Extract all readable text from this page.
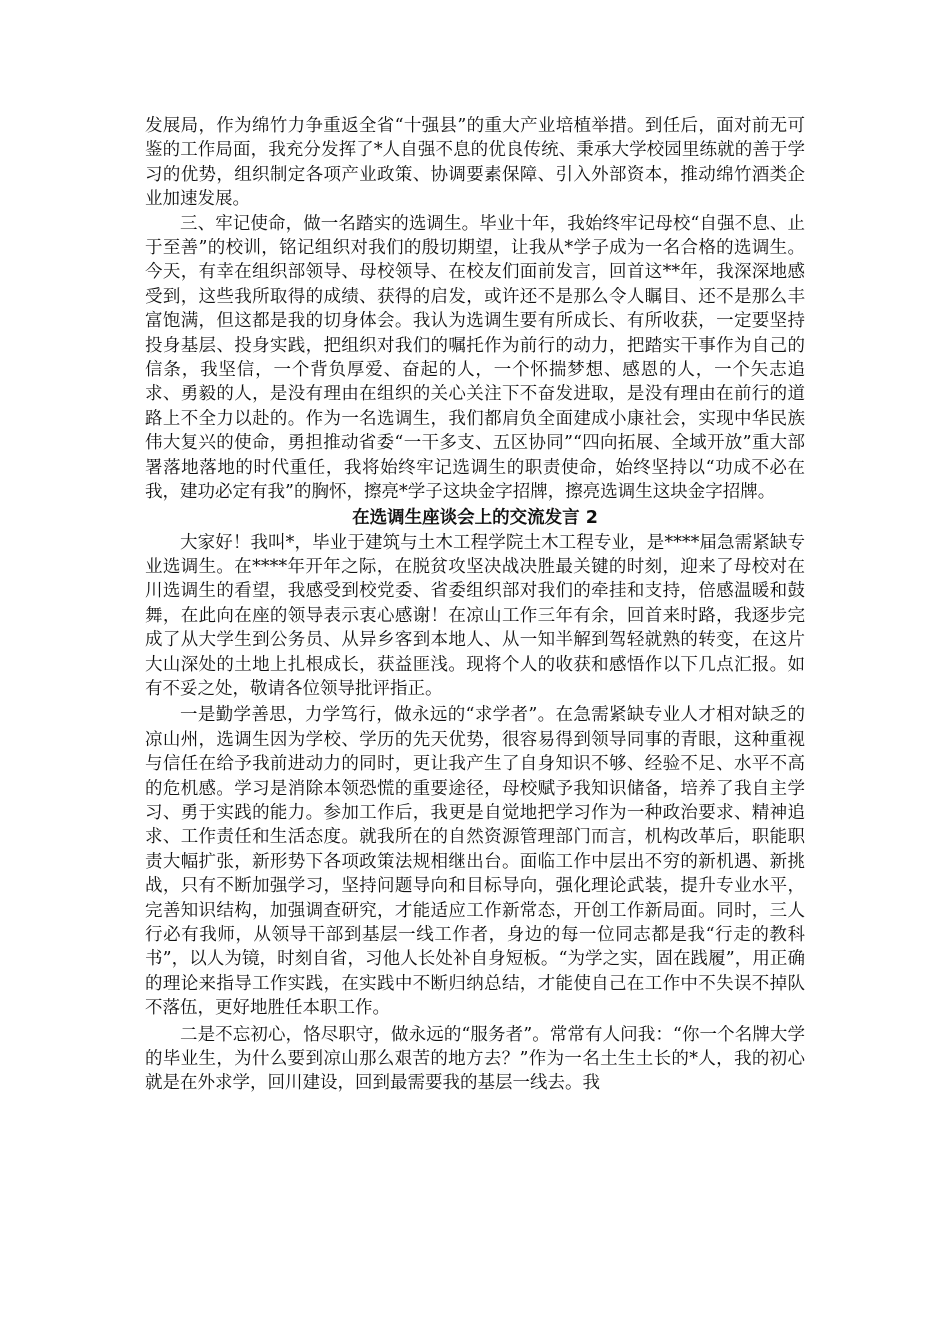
发展局，作为绵竹力争重返全省“十强县”的重大产业培植举措。到任后，面对前无可鉴的工作局面，我充分发挥了*人自强不息的优良传统、秉承大学校园里练就的善于学习的优势，组织制定各项产业政策、协调要素保障、引入外部资本，推动绵竹酒类企业加速发展。

三、牢记使命，做一名踏实的选调生。毕业十年，我始终牢记母校“自强不息、止于至善”的校训，铭记组织对我们的殷切期望，让我从*学子成为一名合格的选调生。今天，有幸在组织部领导、母校领导、在校友们面前发言，回首这**年，我深深地感受到，这些我所取得的成绩、获得的启发，或许还不是那么令人瞩目、还不是那么丰富饱满，但这都是我的切身体会。我认为选调生要有所成长、有所收获，一定要坚持投身基层、投身实践，把组织对我们的嘱托作为前行的动力，把踏实干事作为自己的信条，我坚信，一个背负厚爱、奋起的人，一个怀揣梦想、感恩的人，一个矢志追求、勇毅的人，是没有理由在组织的关心关注下不奋发进取，是没有理由在前行的道路上不全力以赴的。作为一名选调生，我们都肩负全面建成小康社会，实现中华民族伟大复兴的使命，勇担推动省委“一干多支、五区协同”“四向拓展、全域开放”重大部署落地落地的时代重任，我将始终牢记选调生的职责使命，始终坚持以“功成不必在我，建功必定有我”的胸怀，擦亮*学子这块金字招牌，擦亮选调生这块金字招牌。

在选调生座谈会上的交流发言 2

大家好！我叫*，毕业于建筑与土木工程学院土木工程专业，是****届急需紧缺专业选调生。在****年开年之际，在脱贫攻坚决战决胜最关键的时刻，迎来了母校对在川选调生的看望，我感受到校党委、省委组织部对我们的牵挂和支持，倍感温暖和鼓舞，在此向在座的领导表示衷心感谢！在凉山工作三年有余，回首来时路，我逐步完成了从大学生到公务员、从异乡客到本地人、从一知半解到驾轻就熟的转变，在这片大山深处的土地上扎根成长，获益匪浅。现将个人的收获和感悟作以下几点汇报。如有不妥之处，敬请各位领导批评指正。

一是勤学善思，力学笃行，做永远的“求学者”。在急需紧缺专业人才相对缺乏的凉山州，选调生因为学校、学历的先天优势，很容易得到领导同事的青眼，这种重视与信任在给予我前进动力的同时，更让我产生了自身知识不够、经验不足、水平不高的危机感。学习是消除本领恐慌的重要途径，母校赋予我知识储备，培养了我自主学习、勇于实践的能力。参加工作后，我更是自觉地把学习作为一种政治要求、精神追求、工作责任和生活态度。就我所在的自然资源管理部门而言，机构改革后，职能职责大幅扩张，新形势下各项政策法规相继出台。面临工作中层出不穷的新机遇、新挑战，只有不断加强学习，坚持问题导向和目标导向，强化理论武装，提升专业水平，完善知识结构，加强调查研究，才能适应工作新常态，开创工作新局面。同时，三人行必有我师，从领导干部到基层一线工作者，身边的每一位同志都是我“行走的教科书”，以人为镜，时刻自省，习他人长处补自身短板。“为学之实，固在践履”，用正确的理论来指导工作实践，在实践中不断归纳总结，才能使自己在工作中不失误不掉队不落伍，更好地胜任本职工作。

二是不忘初心，恪尽职守，做永远的“服务者”。常常有人问我：“你一个名牌大学的毕业生，为什么要到凉山那么艰苦的地方去？”作为一名土生土长的*人，我的初心就是在外求学，回川建设，回到最需要我的基层一线去。我
